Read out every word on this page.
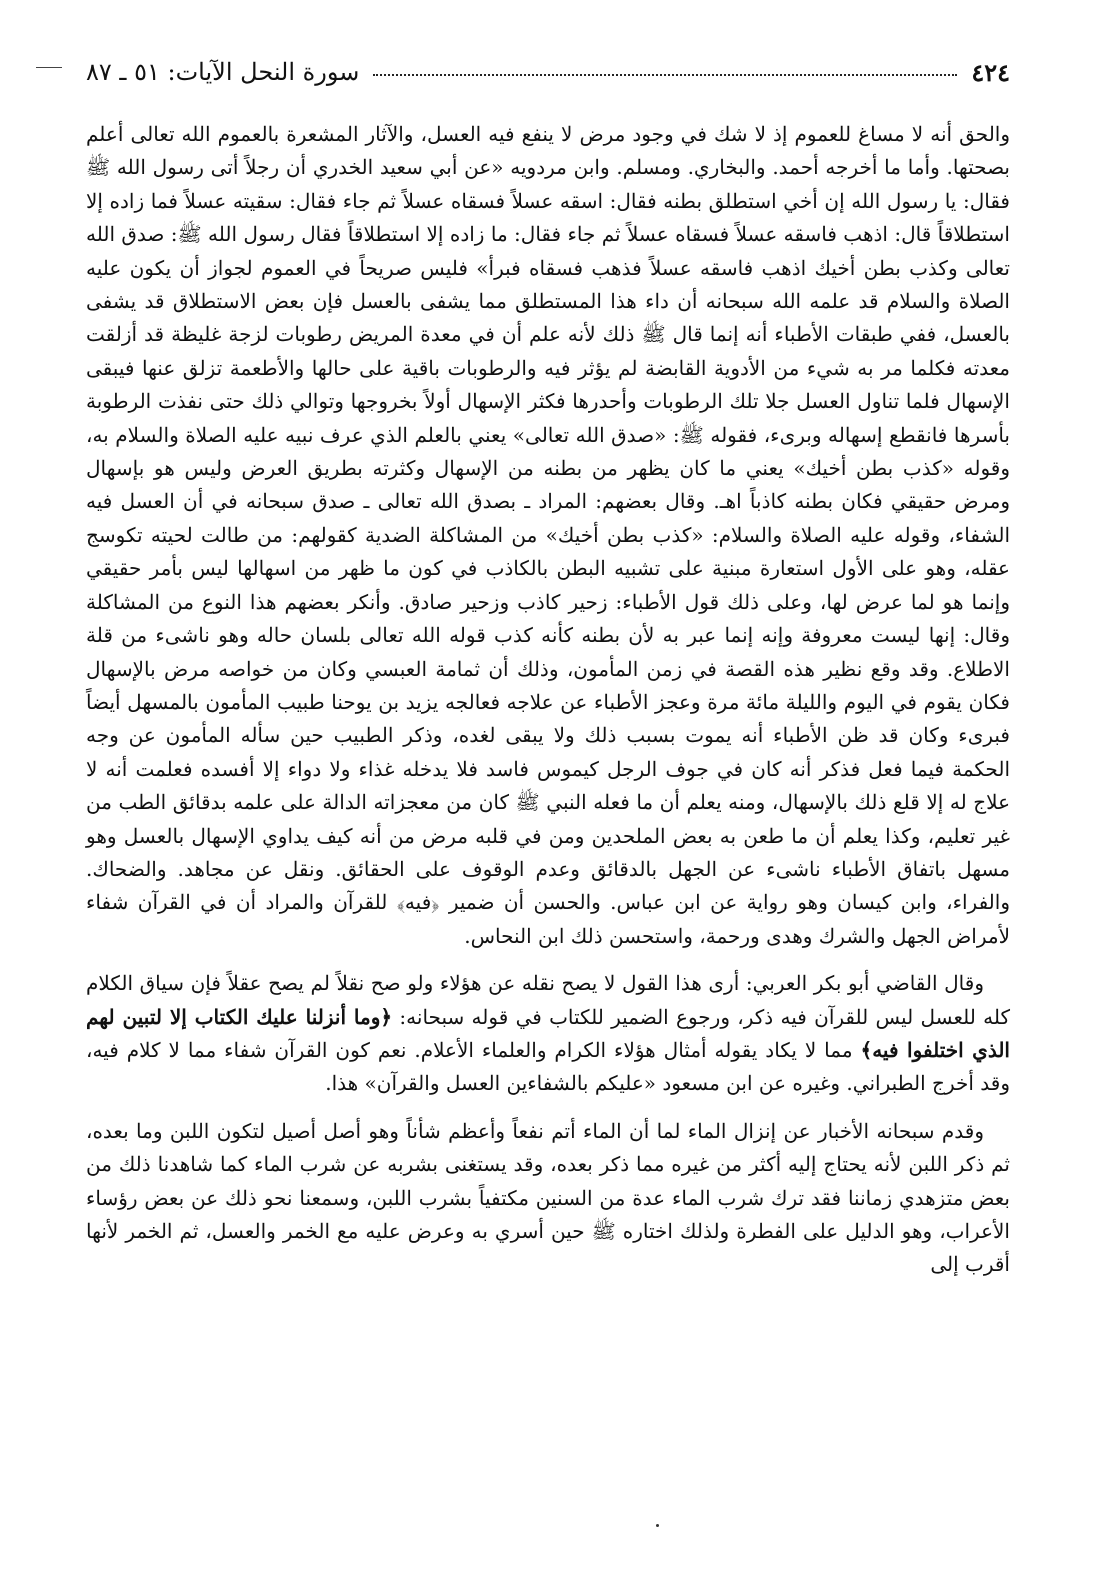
٤٢٤
سورة النحل الآيات: ٥١ ـ ٨٧

والحق أنه لا مساغ للعموم إذ لا شك في وجود مرض لا ينفع فيه العسل، والآثار المشعرة بالعموم الله تعالى أعلم بصحتها. وأما ما أخرجه أحمد. والبخاري. ومسلم. وابن مردويه «عن أبي سعيد الخدري أن رجلاً أتى رسول الله ﷺ فقال: يا رسول الله إن أخي استطلق بطنه فقال: اسقه عسلاً فسقاه عسلاً ثم جاء فقال: سقيته عسلاً فما زاده إلا استطلاقاً قال: اذهب فاسقه عسلاً فسقاه عسلاً ثم جاء فقال: ما زاده إلا استطلاقاً فقال رسول الله ﷺ: صدق الله تعالى وكذب بطن أخيك اذهب فاسقه عسلاً فذهب فسقاه فبرأ» فليس صريحاً في العموم لجواز أن يكون عليه الصلاة والسلام قد علمه الله سبحانه أن داء هذا المستطلق مما يشفى بالعسل فإن بعض الاستطلاق قد يشفى بالعسل، ففي طبقات الأطباء أنه إنما قال ﷺ ذلك لأنه علم أن في معدة المريض رطوبات لزجة غليظة قد أزلقت معدته فكلما مر به شيء من الأدوية القابضة لم يؤثر فيه والرطوبات باقية على حالها والأطعمة تزلق عنها فيبقى الإسهال فلما تناول العسل جلا تلك الرطوبات وأحدرها فكثر الإسهال أولاً بخروجها وتوالي ذلك حتى نفذت الرطوبة بأسرها فانقطع إسهاله وبرىء، فقوله ﷺ: «صدق الله تعالى» يعني بالعلم الذي عرف نبيه عليه الصلاة والسلام به، وقوله «كذب بطن أخيك» يعني ما كان يظهر من بطنه من الإسهال وكثرته بطريق العرض وليس هو بإسهال ومرض حقيقي فكان بطنه كاذباً اهـ. وقال بعضهم: المراد ـ بصدق الله تعالى ـ صدق سبحانه في أن العسل فيه الشفاء، وقوله عليه الصلاة والسلام: «كذب بطن أخيك» من المشاكلة الضدية كقولهم: من طالت لحيته تكوسج عقله، وهو على الأول استعارة مبنية على تشبيه البطن بالكاذب في كون ما ظهر من اسهالها ليس بأمر حقيقي وإنما هو لما عرض لها، وعلى ذلك قول الأطباء: زحير كاذب وزحير صادق. وأنكر بعضهم هذا النوع من المشاكلة وقال: إنها ليست معروفة وإنه إنما عبر به لأن بطنه كأنه كذب قوله الله تعالى بلسان حاله وهو ناشىء من قلة الاطلاع. وقد وقع نظير هذه القصة في زمن المأمون، وذلك أن ثمامة العبسي وكان من خواصه مرض بالإسهال فكان يقوم في اليوم والليلة مائة مرة وعجز الأطباء عن علاجه فعالجه يزيد بن يوحنا طبيب المأمون بالمسهل أيضاً فبرىء وكان قد ظن الأطباء أنه يموت بسبب ذلك ولا يبقى لغده، وذكر الطبيب حين سأله المأمون عن وجه الحكمة فيما فعل فذكر أنه كان في جوف الرجل كيموس فاسد فلا يدخله غذاء ولا دواء إلا أفسده فعلمت أنه لا علاج له إلا قلع ذلك بالإسهال، ومنه يعلم أن ما فعله النبي ﷺ كان من معجزاته الدالة على علمه بدقائق الطب من غير تعليم، وكذا يعلم أن ما طعن به بعض الملحدين ومن في قلبه مرض من أنه كيف يداوي الإسهال بالعسل وهو مسهل باتفاق الأطباء ناشىء عن الجهل بالدقائق وعدم الوقوف على الحقائق. ونقل عن مجاهد. والضحاك. والفراء، وابن كيسان وهو رواية عن ابن عباس. والحسن أن ضمير ﴿فيه﴾ للقرآن والمراد أن في القرآن شفاء لأمراض الجهل والشرك وهدى ورحمة، واستحسن ذلك ابن النحاس.

وقال القاضي أبو بكر العربي: أرى هذا القول لا يصح نقله عن هؤلاء ولو صح نقلاً لم يصح عقلاً فإن سياق الكلام كله للعسل ليس للقرآن فيه ذكر، ورجوع الضمير للكتاب في قوله سبحانه: ﴿وما أنزلنا عليك الكتاب إلا لتبين لهم الذي اختلفوا فيه﴾ مما لا يكاد يقوله أمثال هؤلاء الكرام والعلماء الأعلام. نعم كون القرآن شفاء مما لا كلام فيه، وقد أخرج الطبراني. وغيره عن ابن مسعود «عليكم بالشفاءين العسل والقرآن» هذا.

وقدم سبحانه الأخبار عن إنزال الماء لما أن الماء أتم نفعاً وأعظم شأناً وهو أصل أصيل لتكون اللبن وما بعده، ثم ذكر اللبن لأنه يحتاج إليه أكثر من غيره مما ذكر بعده، وقد يستغنى بشربه عن شرب الماء كما شاهدنا ذلك من بعض متزهدي زماننا فقد ترك شرب الماء عدة من السنين مكتفياً بشرب اللبن، وسمعنا نحو ذلك عن بعض رؤساء الأعراب، وهو الدليل على الفطرة ولذلك اختاره ﷺ حين أسري به وعرض عليه مع الخمر والعسل، ثم الخمر لأنها أقرب إلى
